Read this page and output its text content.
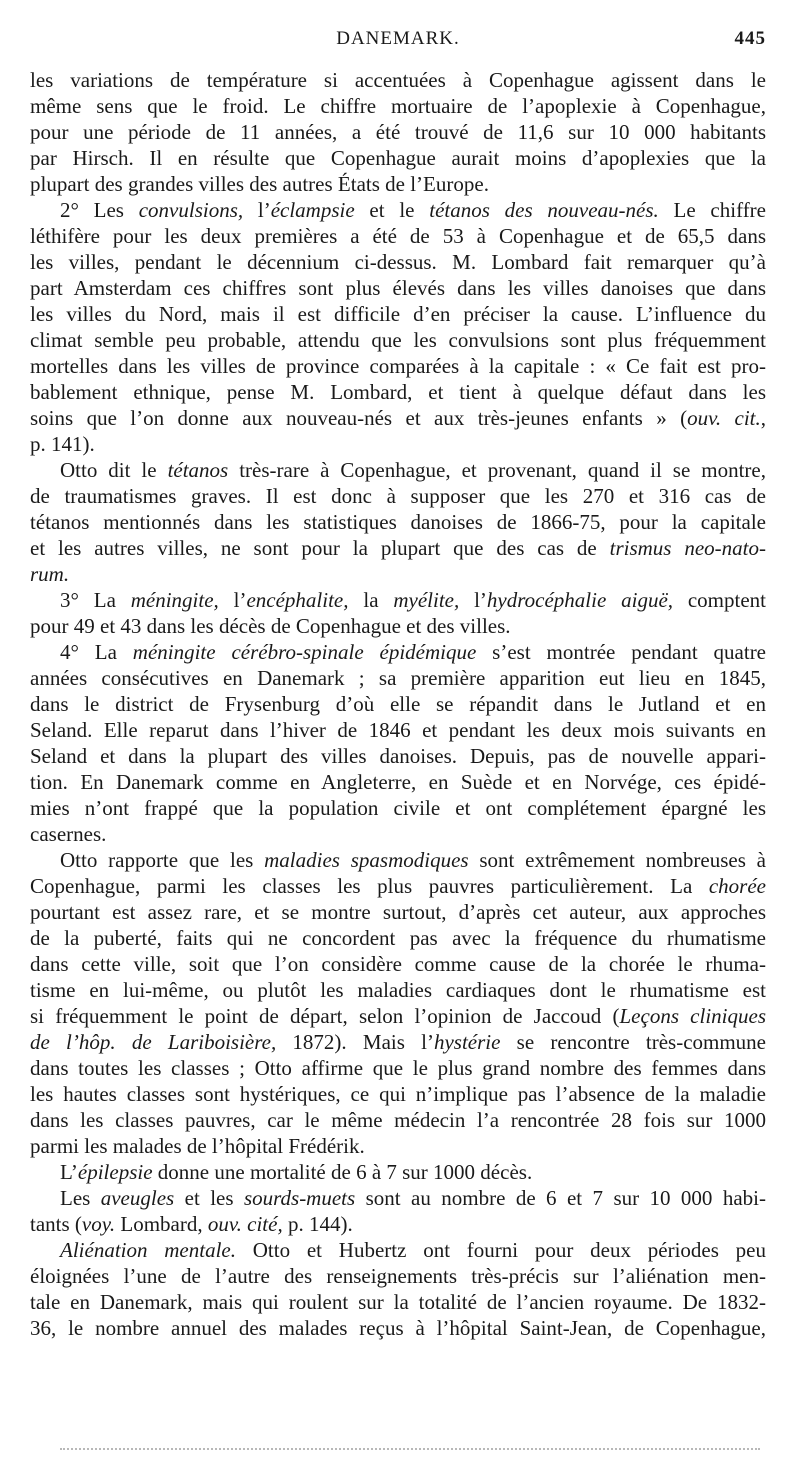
DANEMARK.	445
les variations de température si accentuées à Copenhague agissent dans le
même sens que le froid. Le chiffre mortuaire de l’apoplexie à Copenhague,
pour une période de 11 années, a été trouvé de 11,6 sur 10 000 habitants
par Hirsch. Il en résulte que Copenhague aurait moins d’apoplexies que la
plupart des grandes villes des autres États de l’Europe.
2° Les convulsions, l’éclampsie et le tétanos des nouveau-nés. Le chiffre
léthifère pour les deux premières a été de 53 à Copenhague et de 65,5 dans
les villes, pendant le décennium ci-dessus. M. Lombard fait remarquer qu’à
part Amsterdam ces chiffres sont plus élevés dans les villes danoises que dans
les villes du Nord, mais il est difficile d’en préciser la cause. L’influence du
climat semble peu probable, attendu que les convulsions sont plus fréquemment
mortelles dans les villes de province comparées à la capitale : « Ce fait est pro-
bablement ethnique, pense M. Lombard, et tient à quelque défaut dans les
soins que l’on donne aux nouveau-nés et aux très-jeunes enfants » (ouv. cit.,
p. 141).
Otto dit le tétanos très-rare à Copenhague, et provenant, quand il se montre,
de traumatismes graves. Il est donc à supposer que les 270 et 316 cas de
tétanos mentionnés dans les statistiques danoises de 1866-75, pour la capitale
et les autres villes, ne sont pour la plupart que des cas de trismus neo-nato-
rum.
3° La méningite, l’encéphalite, la myélite, l’hydrocéphalie aiguë, comptent
pour 49 et 43 dans les décès de Copenhague et des villes.
4° La méningite cérébro-spinale épidémique s’est montrée pendant quatre
années consécutives en Danemark ; sa première apparition eut lieu en 1845,
dans le district de Frysenburg d’où elle se répandit dans le Jutland et en
Seland. Elle reparut dans l’hiver de 1846 et pendant les deux mois suivants en
Seland et dans la plupart des villes danoises. Depuis, pas de nouvelle appari-
tion. En Danemark comme en Angleterre, en Suède et en Norvége, ces épidé-
mies n’ont frappé que la population civile et ont complétement épargné les
casernes.
Otto rapporte que les maladies spasmodiques sont extrêmement nombreuses à
Copenhague, parmi les classes les plus pauvres particulièrement. La chorée
pourtant est assez rare, et se montre surtout, d’après cet auteur, aux approches
de la puberté, faits qui ne concordent pas avec la fréquence du rhumatisme
dans cette ville, soit que l’on considère comme cause de la chorée le rhuma-
tisme en lui-même, ou plutôt les maladies cardiaques dont le rhumatisme est
si fréquemment le point de départ, selon l’opinion de Jaccoud (Leçons cliniques
de l’hôp. de Lariboisière, 1872). Mais l’hystérie se rencontre très-commune
dans toutes les classes ; Otto affirme que le plus grand nombre des femmes dans
les hautes classes sont hystériques, ce qui n’implique pas l’absence de la maladie
dans les classes pauvres, car le même médecin l’a rencontrée 28 fois sur 1000
parmi les malades de l’hôpital Frédérik.
L’épilepsie donne une mortalité de 6 à 7 sur 1000 décès.
Les aveugles et les sourds-muets sont au nombre de 6 et 7 sur 10 000 habi-
tants (voy. Lombard, ouv. cité, p. 144).
Aliénation mentale. Otto et Hubertz ont fourni pour deux périodes peu
éloignées l’une de l’autre des renseignements très-précis sur l’aliénation men-
tale en Danemark, mais qui roulent sur la totalité de l’ancien royaume. De 1832-
36, le nombre annuel des malades reçus à l’hôpital Saint-Jean, de Copenhague,
